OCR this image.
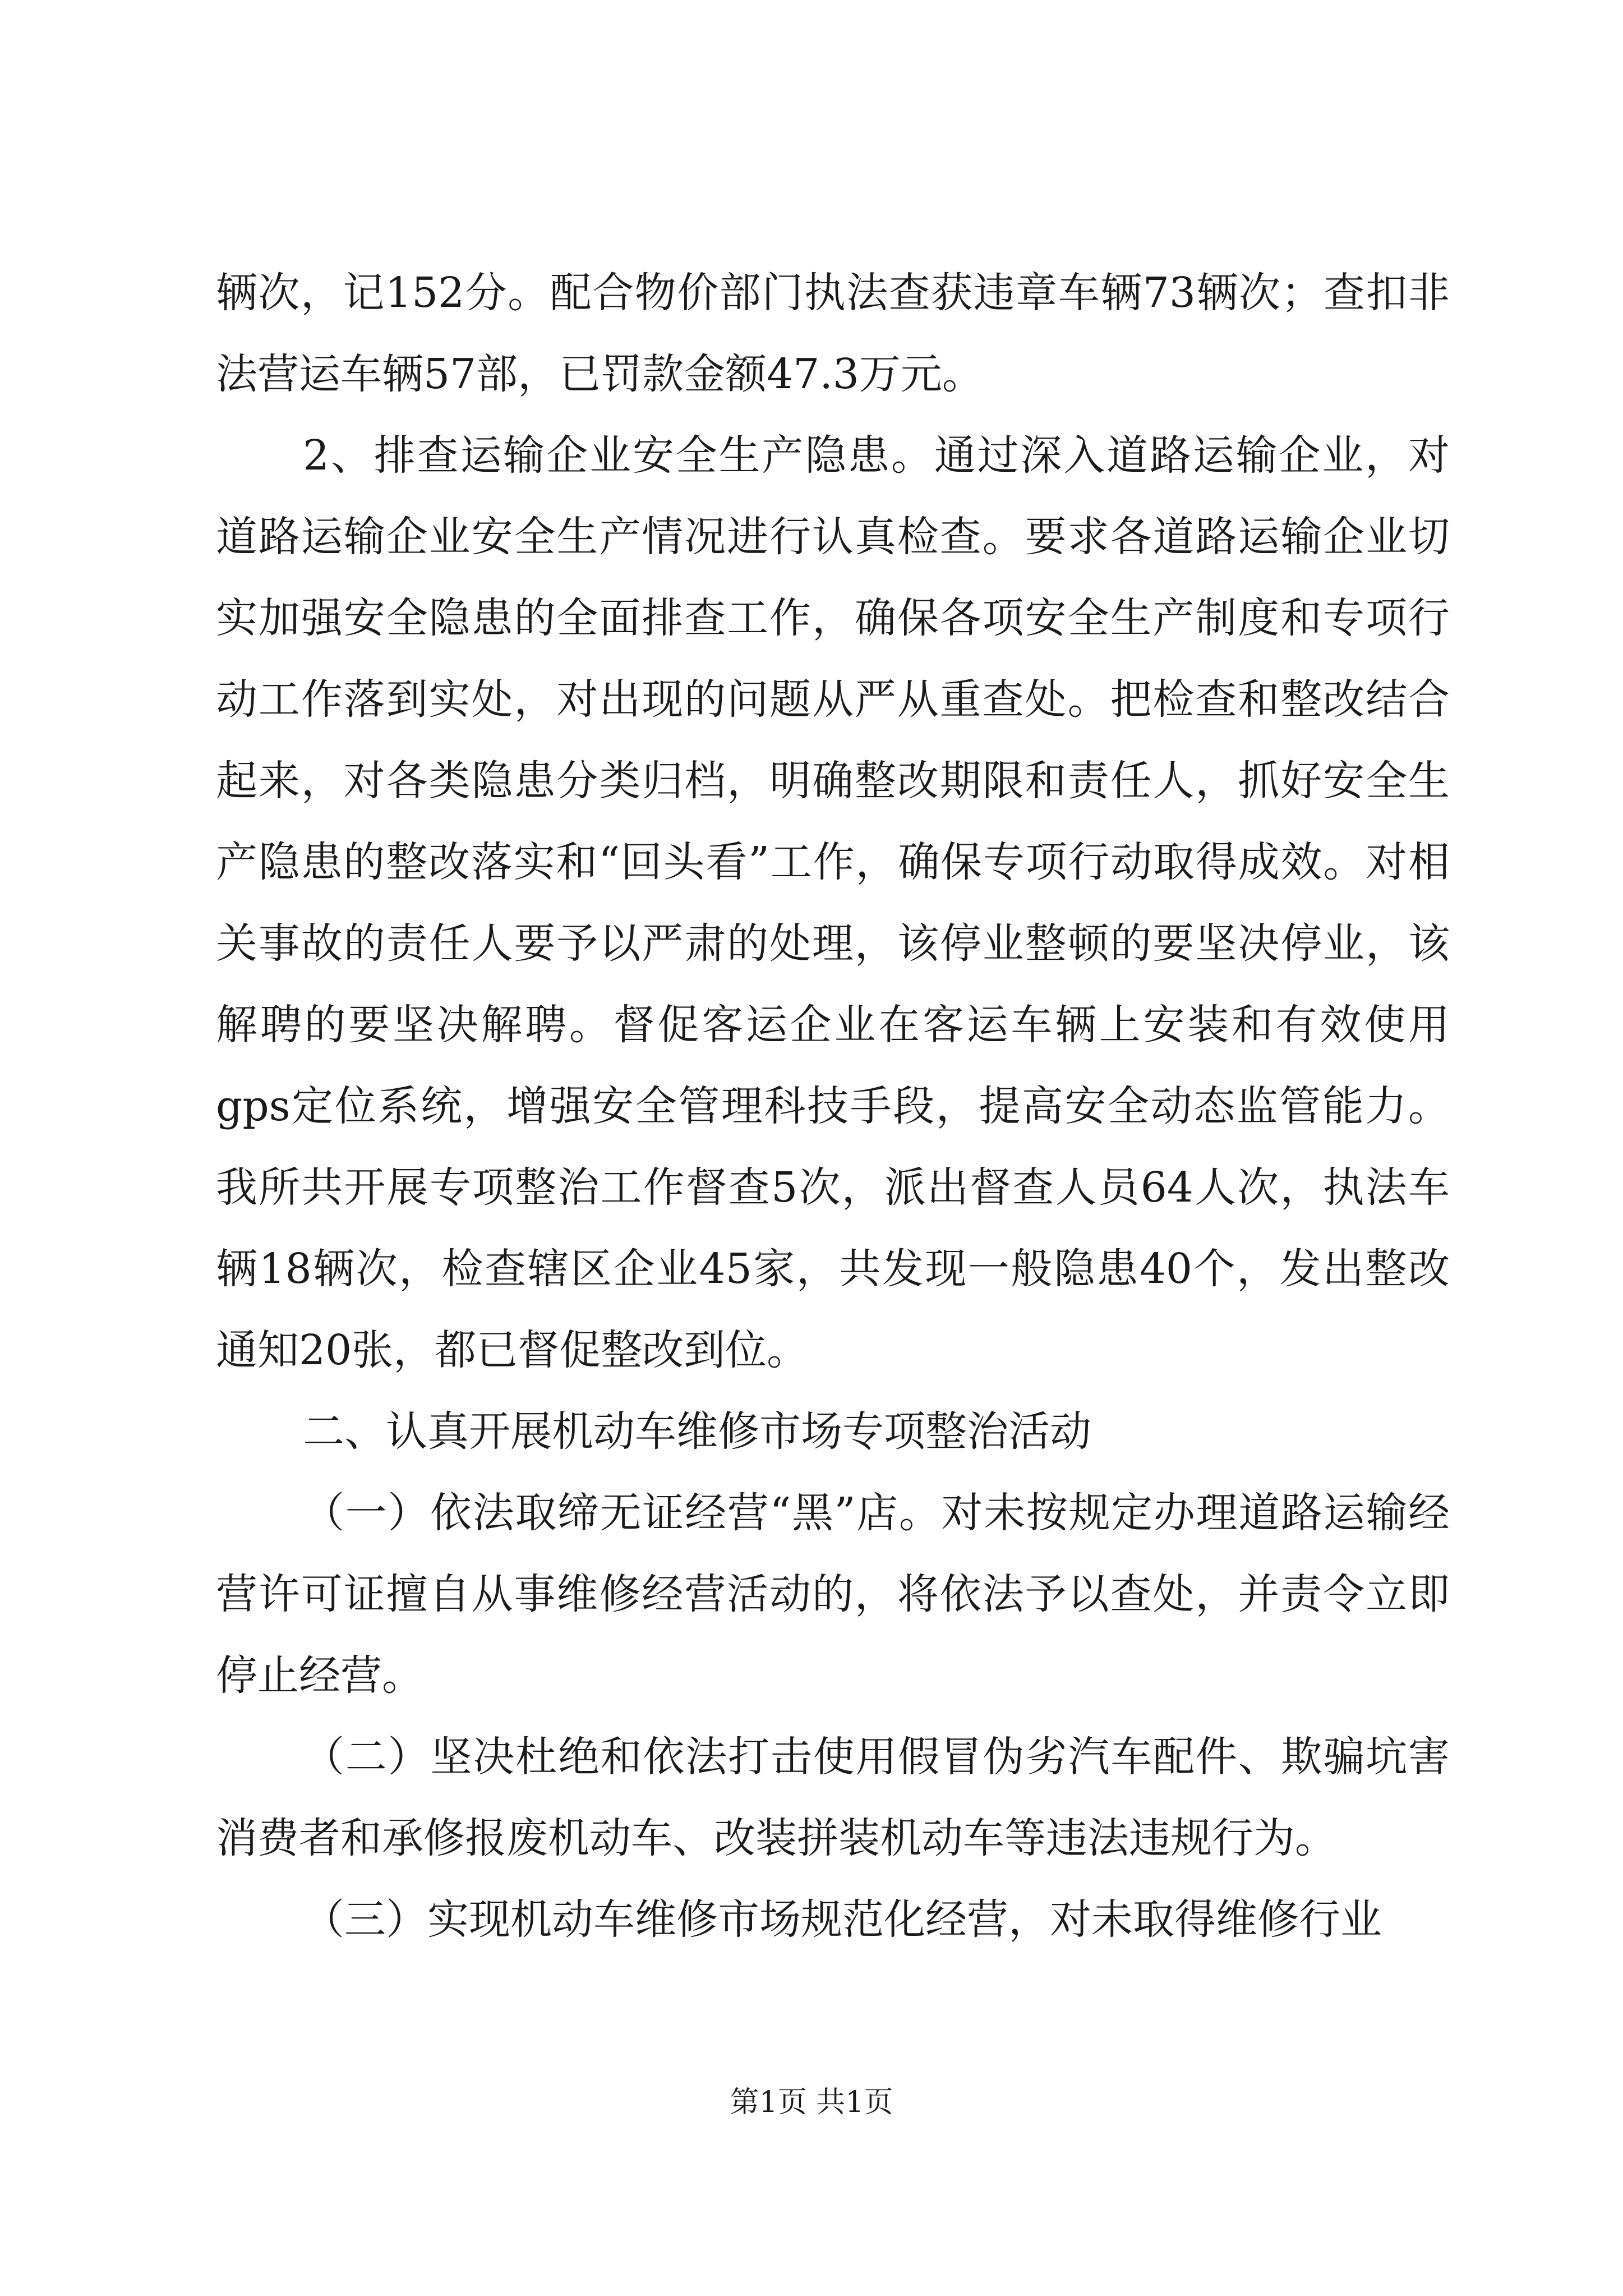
辆次，记152分。配合物价部门执法查获违章车辆73辆次；查扣非法营运车辆57部，已罚款金额47.3万元。

2、排查运输企业安全生产隐患。通过深入道路运输企业，对道路运输企业安全生产情况进行认真检查。要求各道路运输企业切实加强安全隐患的全面排查工作，确保各项安全生产制度和专项行动工作落到实处，对出现的问题从严从重查处。把检查和整改结合起来，对各类隐患分类归档，明确整改期限和责任人，抓好安全生产隐患的整改落实和“回头看”工作，确保专项行动取得成效。对相关事故的责任人要予以严肃的处理，该停业整顿的要坚决停业，该解聘的要坚决解聘。督促客运企业在客运车辆上安装和有效使用gps定位系统，增强安全管理科技手段，提高安全动态监管能力。我所共开展专项整治工作督查5次，派出督查人员64人次，执法车辆18辆次，检查辖区企业45家，共发现一般隐患40个，发出整改通知20张，都已督促整改到位。

二、认真开展机动车维修市场专项整治活动

（一）依法取缔无证经营“黑”店。对未按规定办理道路运输经营许可证擅自从事维修经营活动的，将依法予以查处，并责令立即停止经营。

（二）坚决杜绝和依法打击使用假冒伪劣汽车配件、欺骗坑害消费者和承修报废机动车、改装拼装机动车等违法违规行为。

（三）实现机动车维修市场规范化经营，对未取得维修行业

第1页 共1页
